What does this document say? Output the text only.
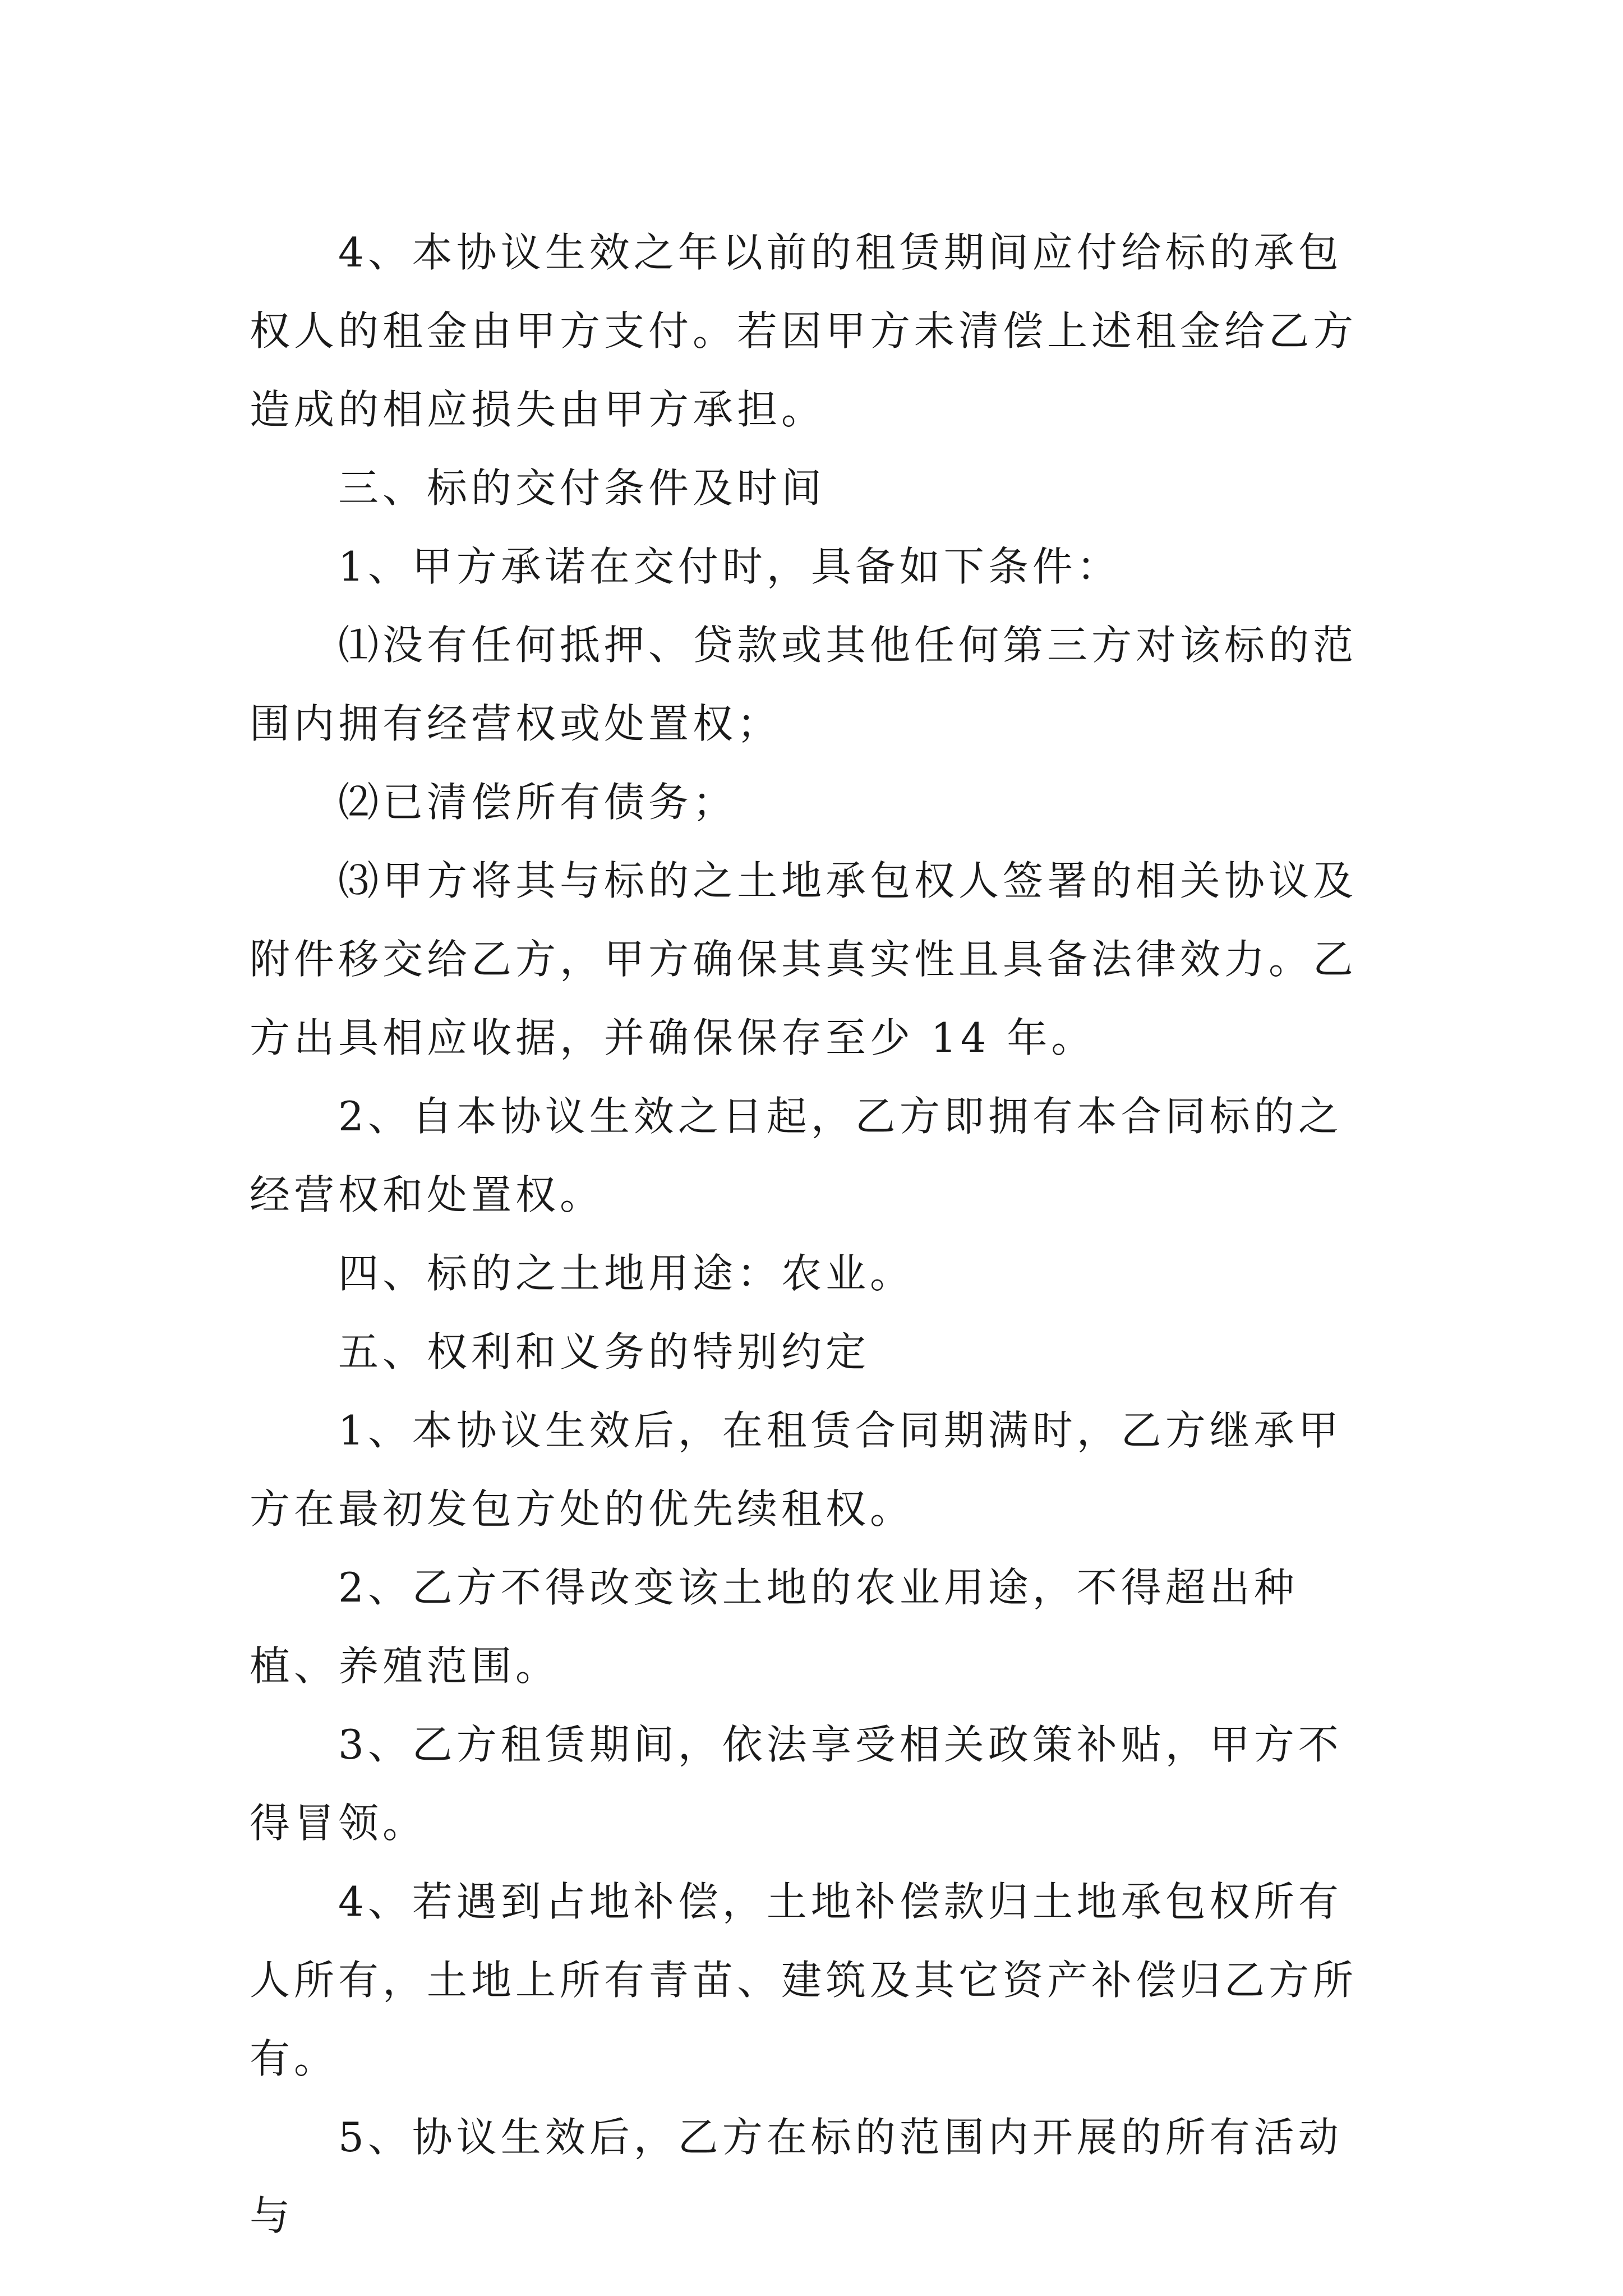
4、本协议生效之年以前的租赁期间应付给标的承包权人的租金由甲方支付。若因甲方未清偿上述租金给乙方造成的相应损失由甲方承担。

三、标的交付条件及时间

1、甲方承诺在交付时，具备如下条件：

⑴没有任何抵押、贷款或其他任何第三方对该标的范围内拥有经营权或处置权；

⑵已清偿所有债务；

⑶甲方将其与标的之土地承包权人签署的相关协议及附件移交给乙方，甲方确保其真实性且具备法律效力。乙方出具相应收据，并确保保存至少 14 年。

2、自本协议生效之日起，乙方即拥有本合同标的之经营权和处置权。

四、标的之土地用途：农业。

五、权利和义务的特别约定

1、本协议生效后，在租赁合同期满时，乙方继承甲方在最初发包方处的优先续租权。

2、乙方不得改变该土地的农业用途，不得超出种植、养殖范围。

3、乙方租赁期间，依法享受相关政策补贴，甲方不得冒领。

4、若遇到占地补偿，土地补偿款归土地承包权所有人所有，土地上所有青苗、建筑及其它资产补偿归乙方所有。

5、协议生效后，乙方在标的范围内开展的所有活动与
